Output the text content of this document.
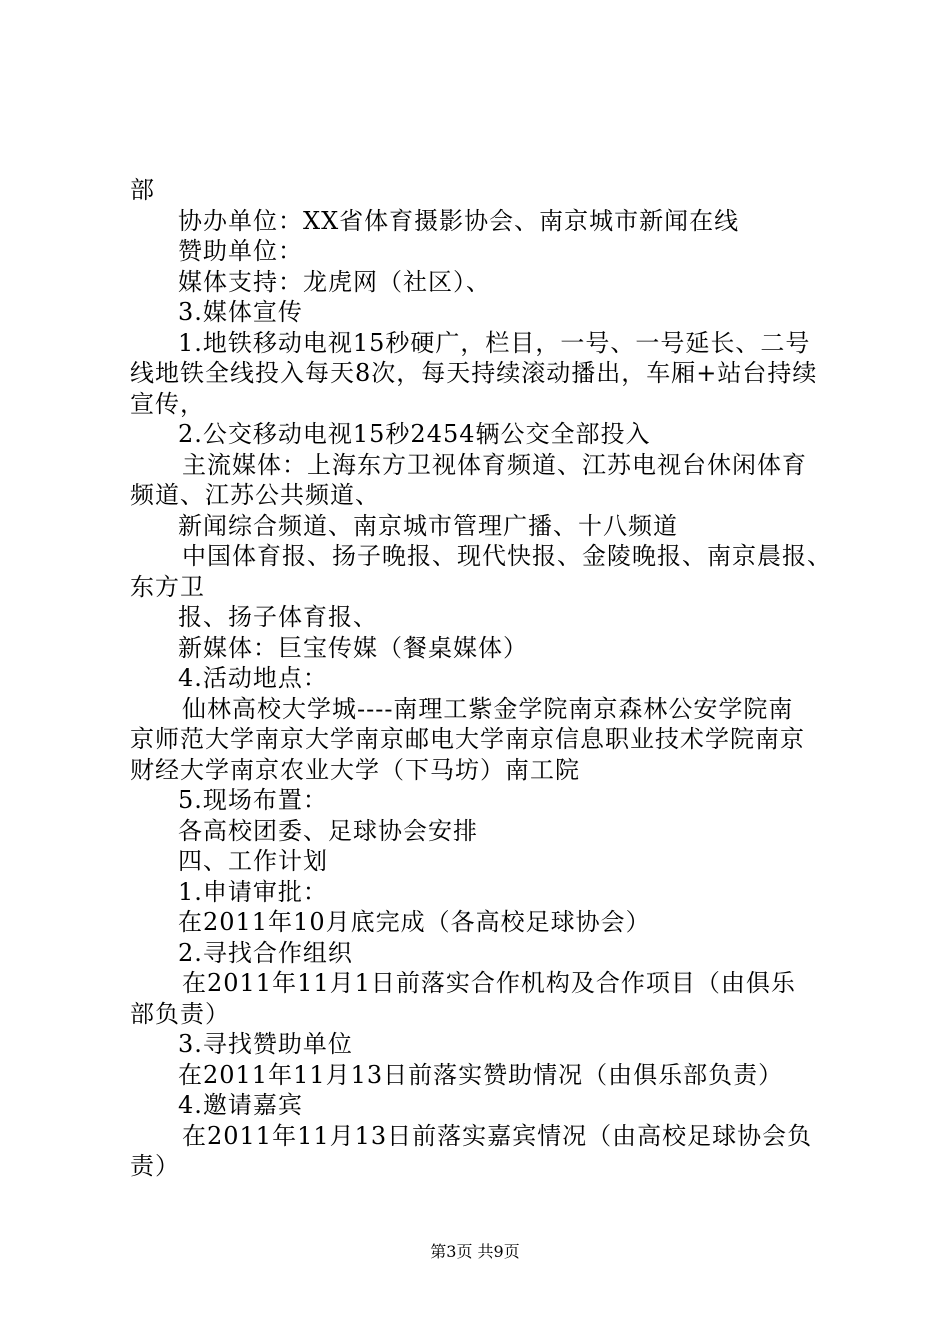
部
协办单位：XX省体育摄影协会、南京城市新闻在线
赞助单位：
媒体支持：龙虎网（社区）、
3.媒体宣传
1.地铁移动电视15秒硬广，栏目，一号、一号延长、二号
线地铁全线投入每天8次，每天持续滚动播出，车厢+站台持续
宣传，
2.公交移动电视15秒2454辆公交全部投入
主流媒体：上海东方卫视体育频道、江苏电视台休闲体育
频道、江苏公共频道、
新闻综合频道、南京城市管理广播、十八频道
中国体育报、扬子晚报、现代快报、金陵晚报、南京晨报、
东方卫
报、扬子体育报、
新媒体：巨宝传媒（餐桌媒体）
4.活动地点：
仙林高校大学城----南理工紫金学院南京森林公安学院南
京师范大学南京大学南京邮电大学南京信息职业技术学院南京
财经大学南京农业大学（下马坊）南工院
5.现场布置：
各高校团委、足球协会安排
四、工作计划
1.申请审批：
在2011年10月底完成（各高校足球协会）
2.寻找合作组织
在2011年11月1日前落实合作机构及合作项目（由俱乐
部负责）
3.寻找赞助单位
在2011年11月13日前落实赞助情况（由俱乐部负责）
4.邀请嘉宾
在2011年11月13日前落实嘉宾情况（由高校足球协会负
责）
第3页 共9页
